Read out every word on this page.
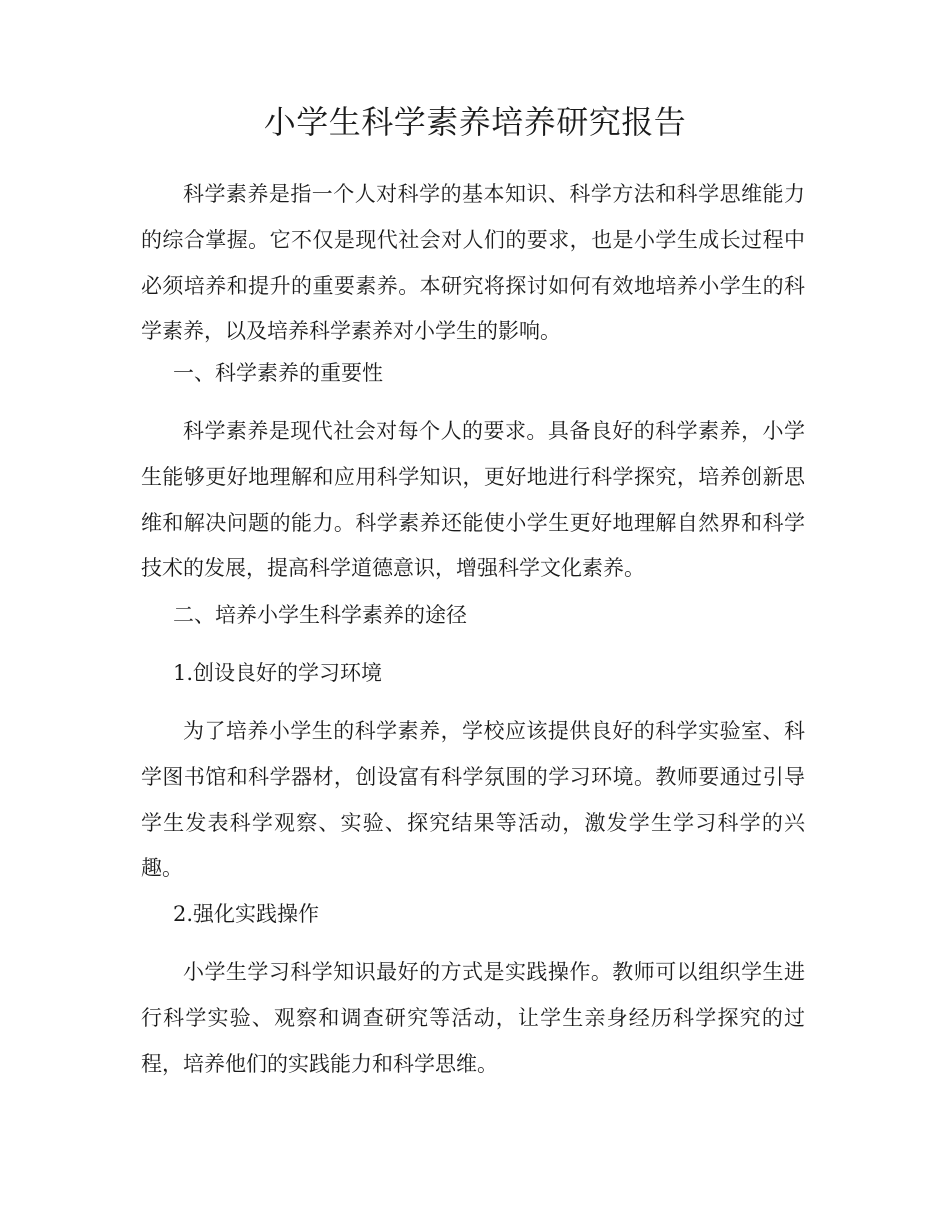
小学生科学素养培养研究报告

科学素养是指一个人对科学的基本知识、科学方法和科学思维能力的综合掌握。它不仅是现代社会对人们的要求，也是小学生成长过程中必须培养和提升的重要素养。本研究将探讨如何有效地培养小学生的科学素养，以及培养科学素养对小学生的影响。

一、科学素养的重要性

科学素养是现代社会对每个人的要求。具备良好的科学素养，小学生能够更好地理解和应用科学知识，更好地进行科学探究，培养创新思维和解决问题的能力。科学素养还能使小学生更好地理解自然界和科学技术的发展，提高科学道德意识，增强科学文化素养。

二、培养小学生科学素养的途径
1.创设良好的学习环境

为了培养小学生的科学素养，学校应该提供良好的科学实验室、科学图书馆和科学器材，创设富有科学氛围的学习环境。教师要通过引导学生发表科学观察、实验、探究结果等活动，激发学生学习科学的兴趣。

2.强化实践操作

小学生学习科学知识最好的方式是实践操作。教师可以组织学生进行科学实验、观察和调查研究等活动，让学生亲身经历科学探究的过程，培养他们的实践能力和科学思维。
